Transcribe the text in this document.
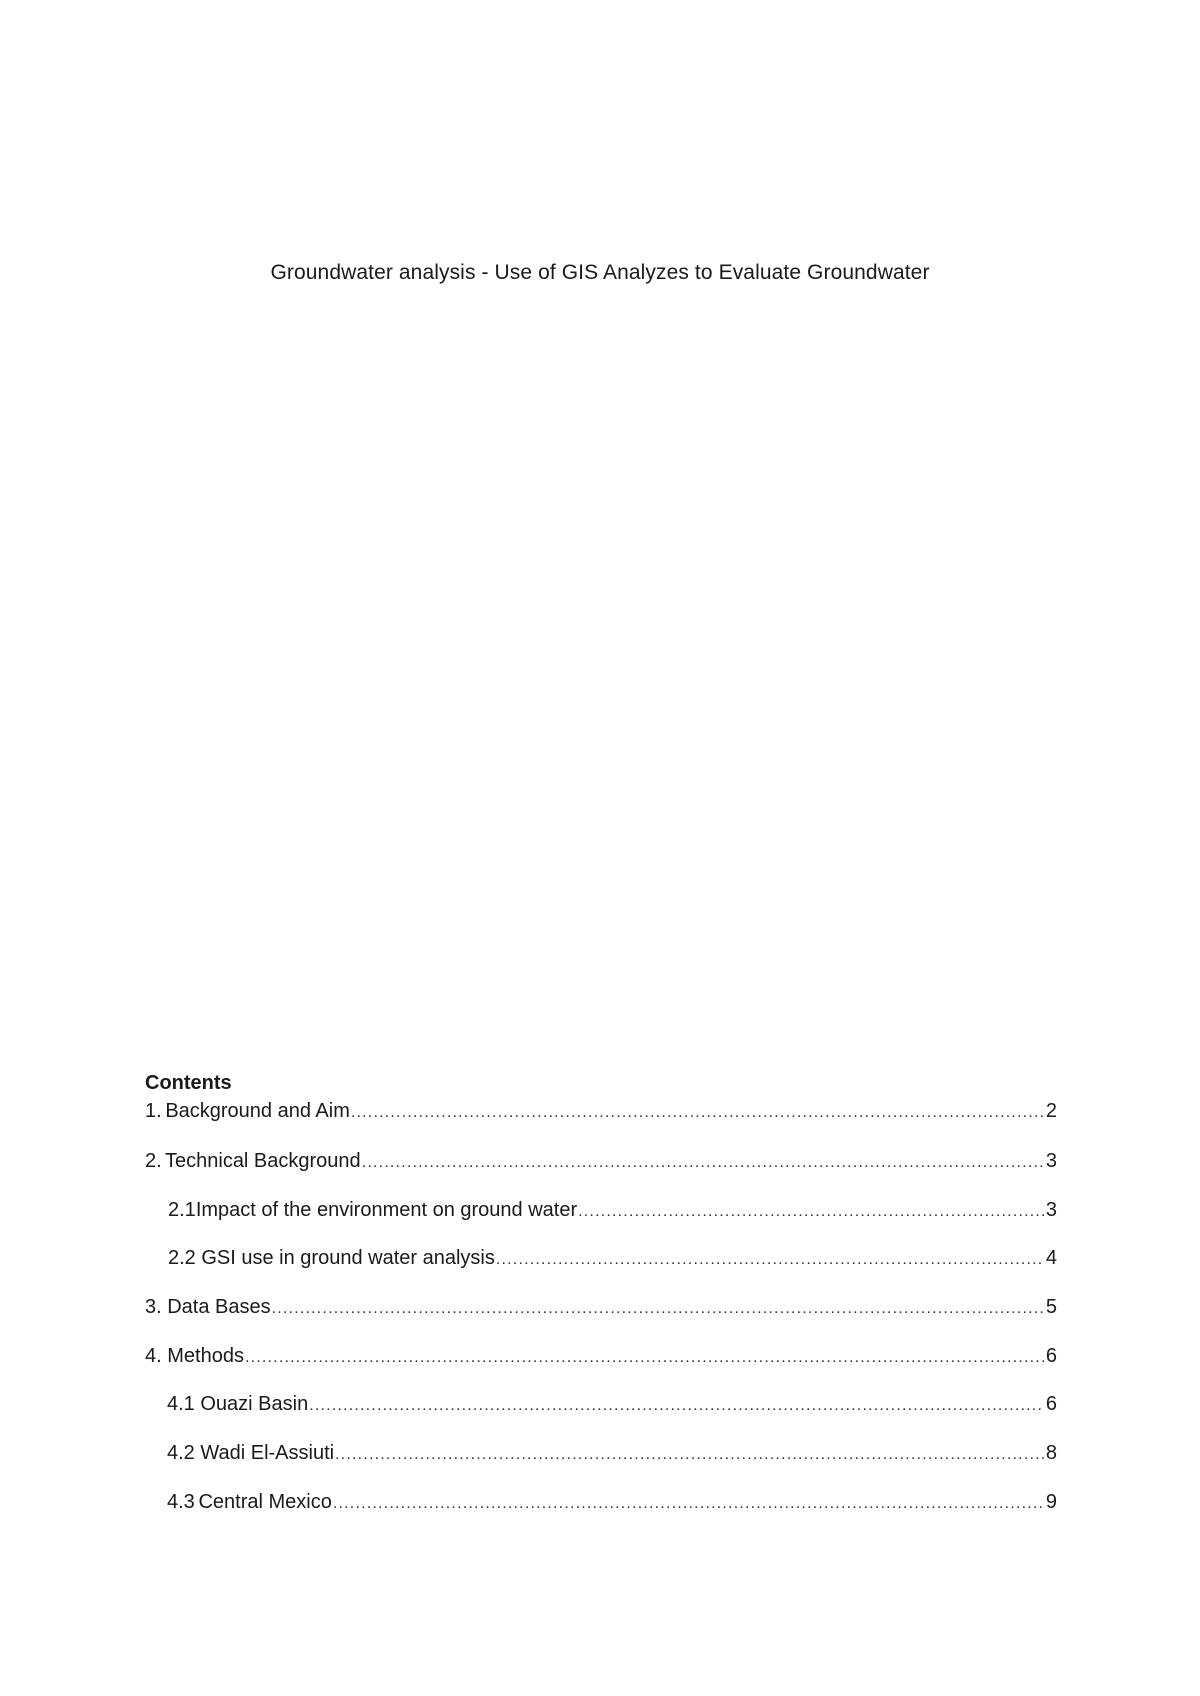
Groundwater analysis - Use of GIS Analyzes to Evaluate Groundwater
Contents
1. Background and Aim .....	2
2. Technical Background .....	3
2.1 Impact of the environment on ground water .....	3
2.2 GSI use in ground water analysis .....	4
3. Data Bases .....	5
4. Methods .....	6
4.1 Ouazi Basin .....	6
4.2 Wadi El-Assiuti .....	8
4.3 Central Mexico .....	9
